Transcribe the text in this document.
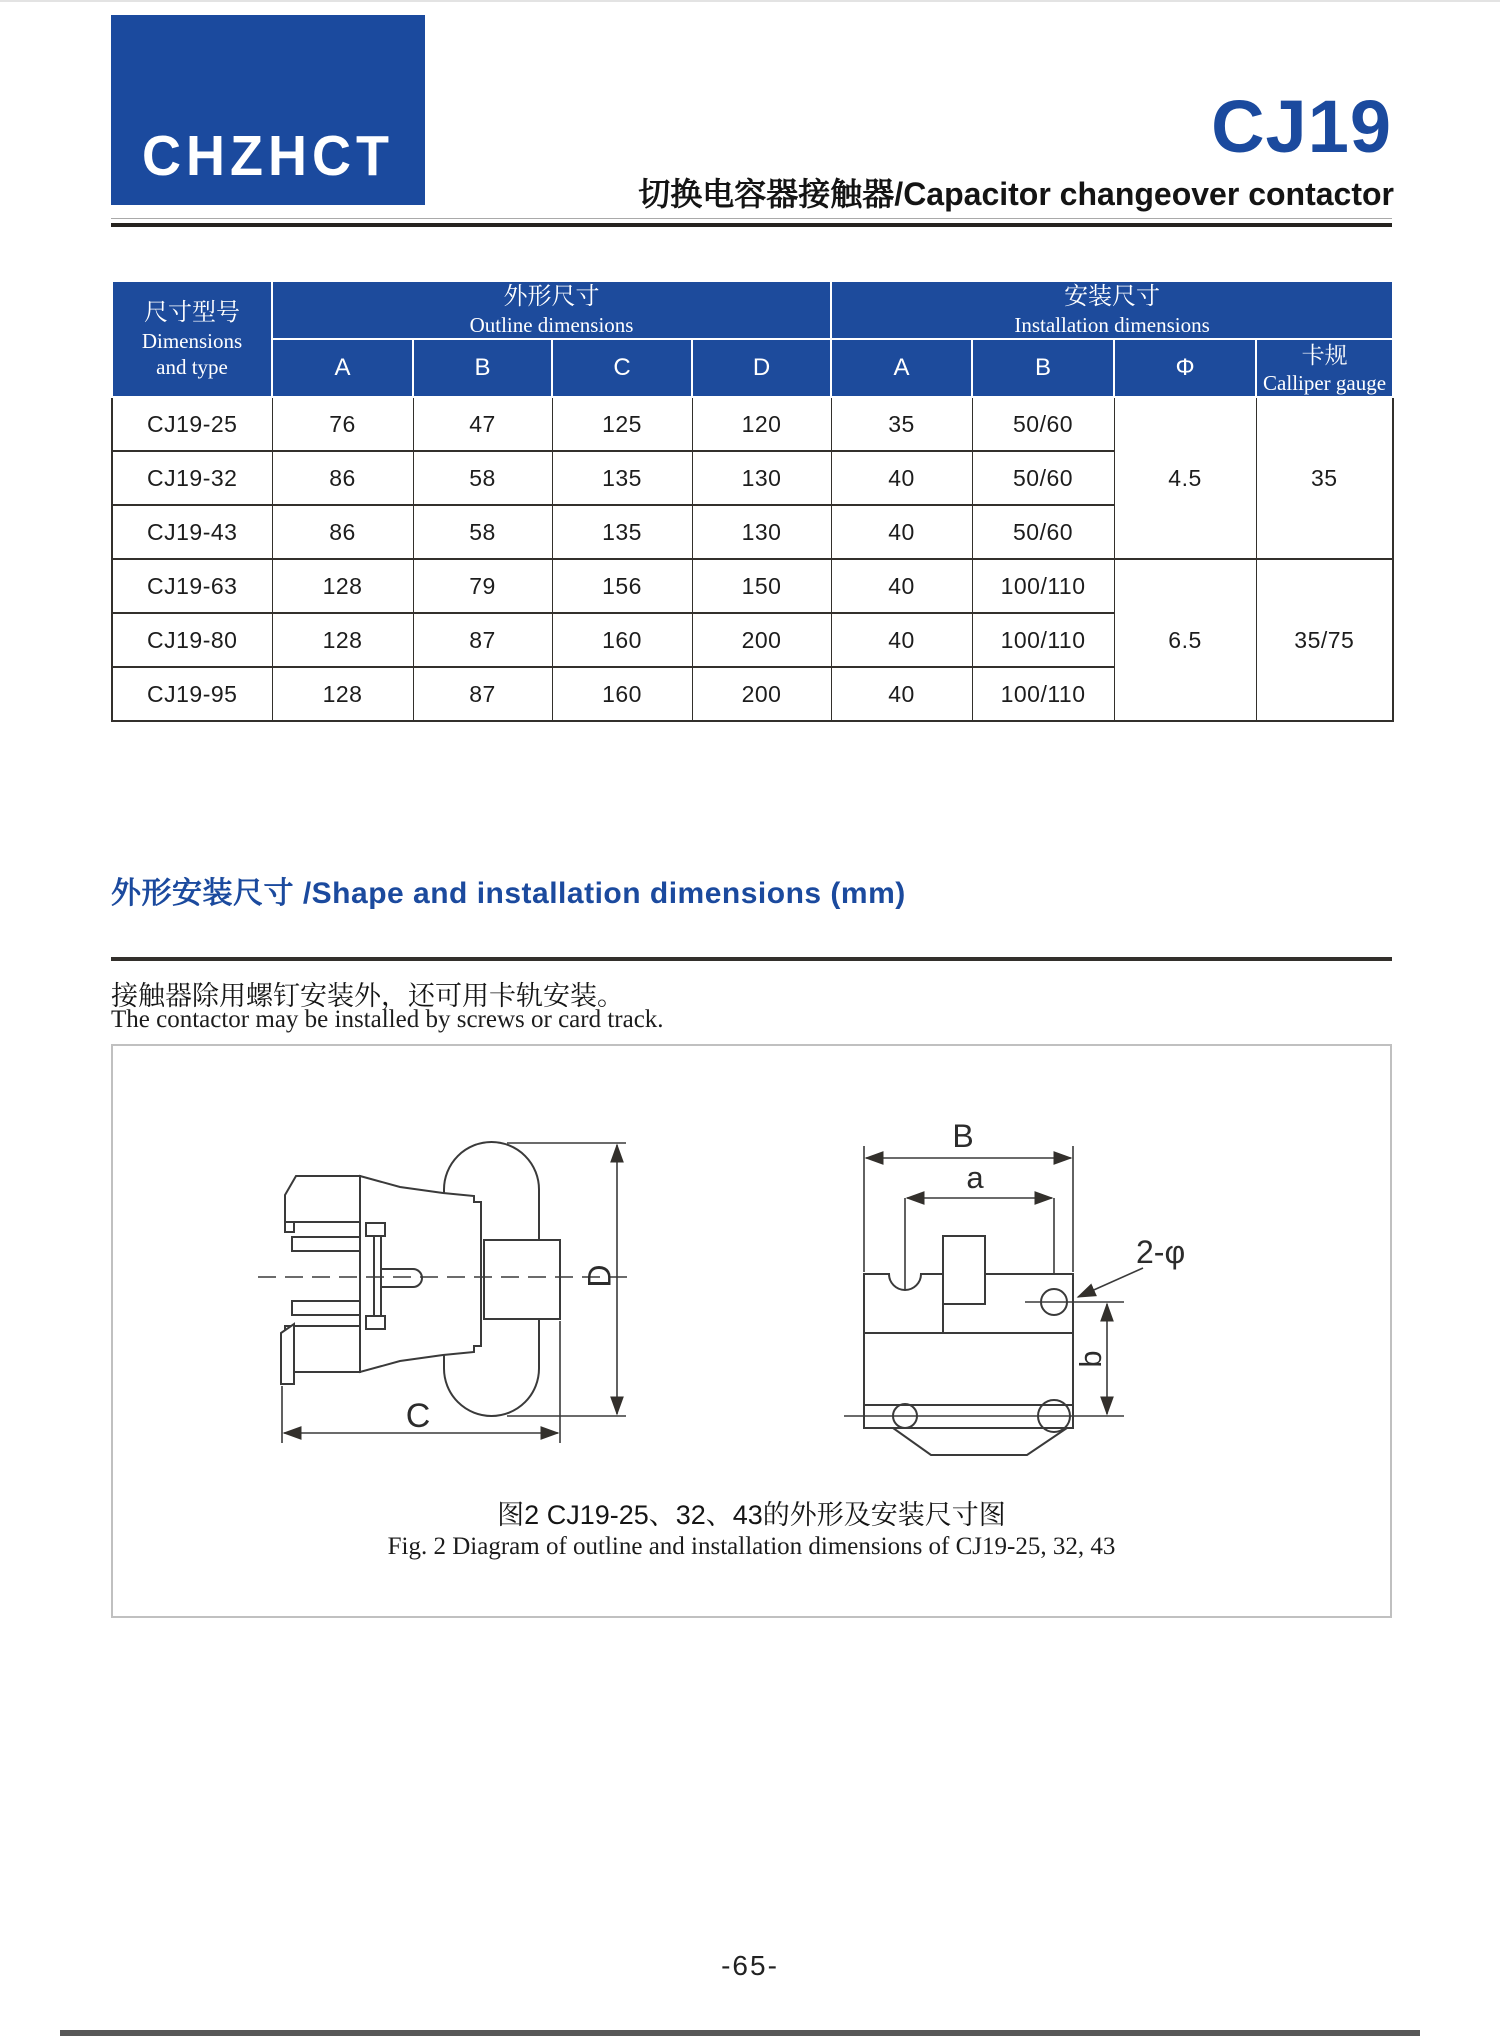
CHZHCT	CJ19
切换电容器接触器/Capacitor changeover contactor
尺寸型号
Dimensions
and type	外形尺寸
Outline dimensions				安装尺寸
Installation dimensions			

	A	B	C	D	A	B	Φ	卡规
Calliper gauge

CJ19-25	76	47	125	120	35	50/60	4.5	35
CJ19-32	86	58	135	130	40	50/60		
CJ19-43	86	58	135	130	40	50/60		
CJ19-63	128	79	156	150	40	100/110	6.5	35/75
CJ19-80	128	87	160	200	40	100/110		
CJ19-95	128	87	160	200	40	100/110		
外形安装尺寸 /Shape and installation dimensions (mm)
接触器除用螺钉安装外，还可用卡轨安装。
The contactor may be installed by screws or card track.
D
C
B
a
2-φ
b
图2 CJ19-25、32、43的外形及安装尺寸图
Fig. 2 Diagram of outline and installation dimensions of CJ19-25, 32, 43
-65-
